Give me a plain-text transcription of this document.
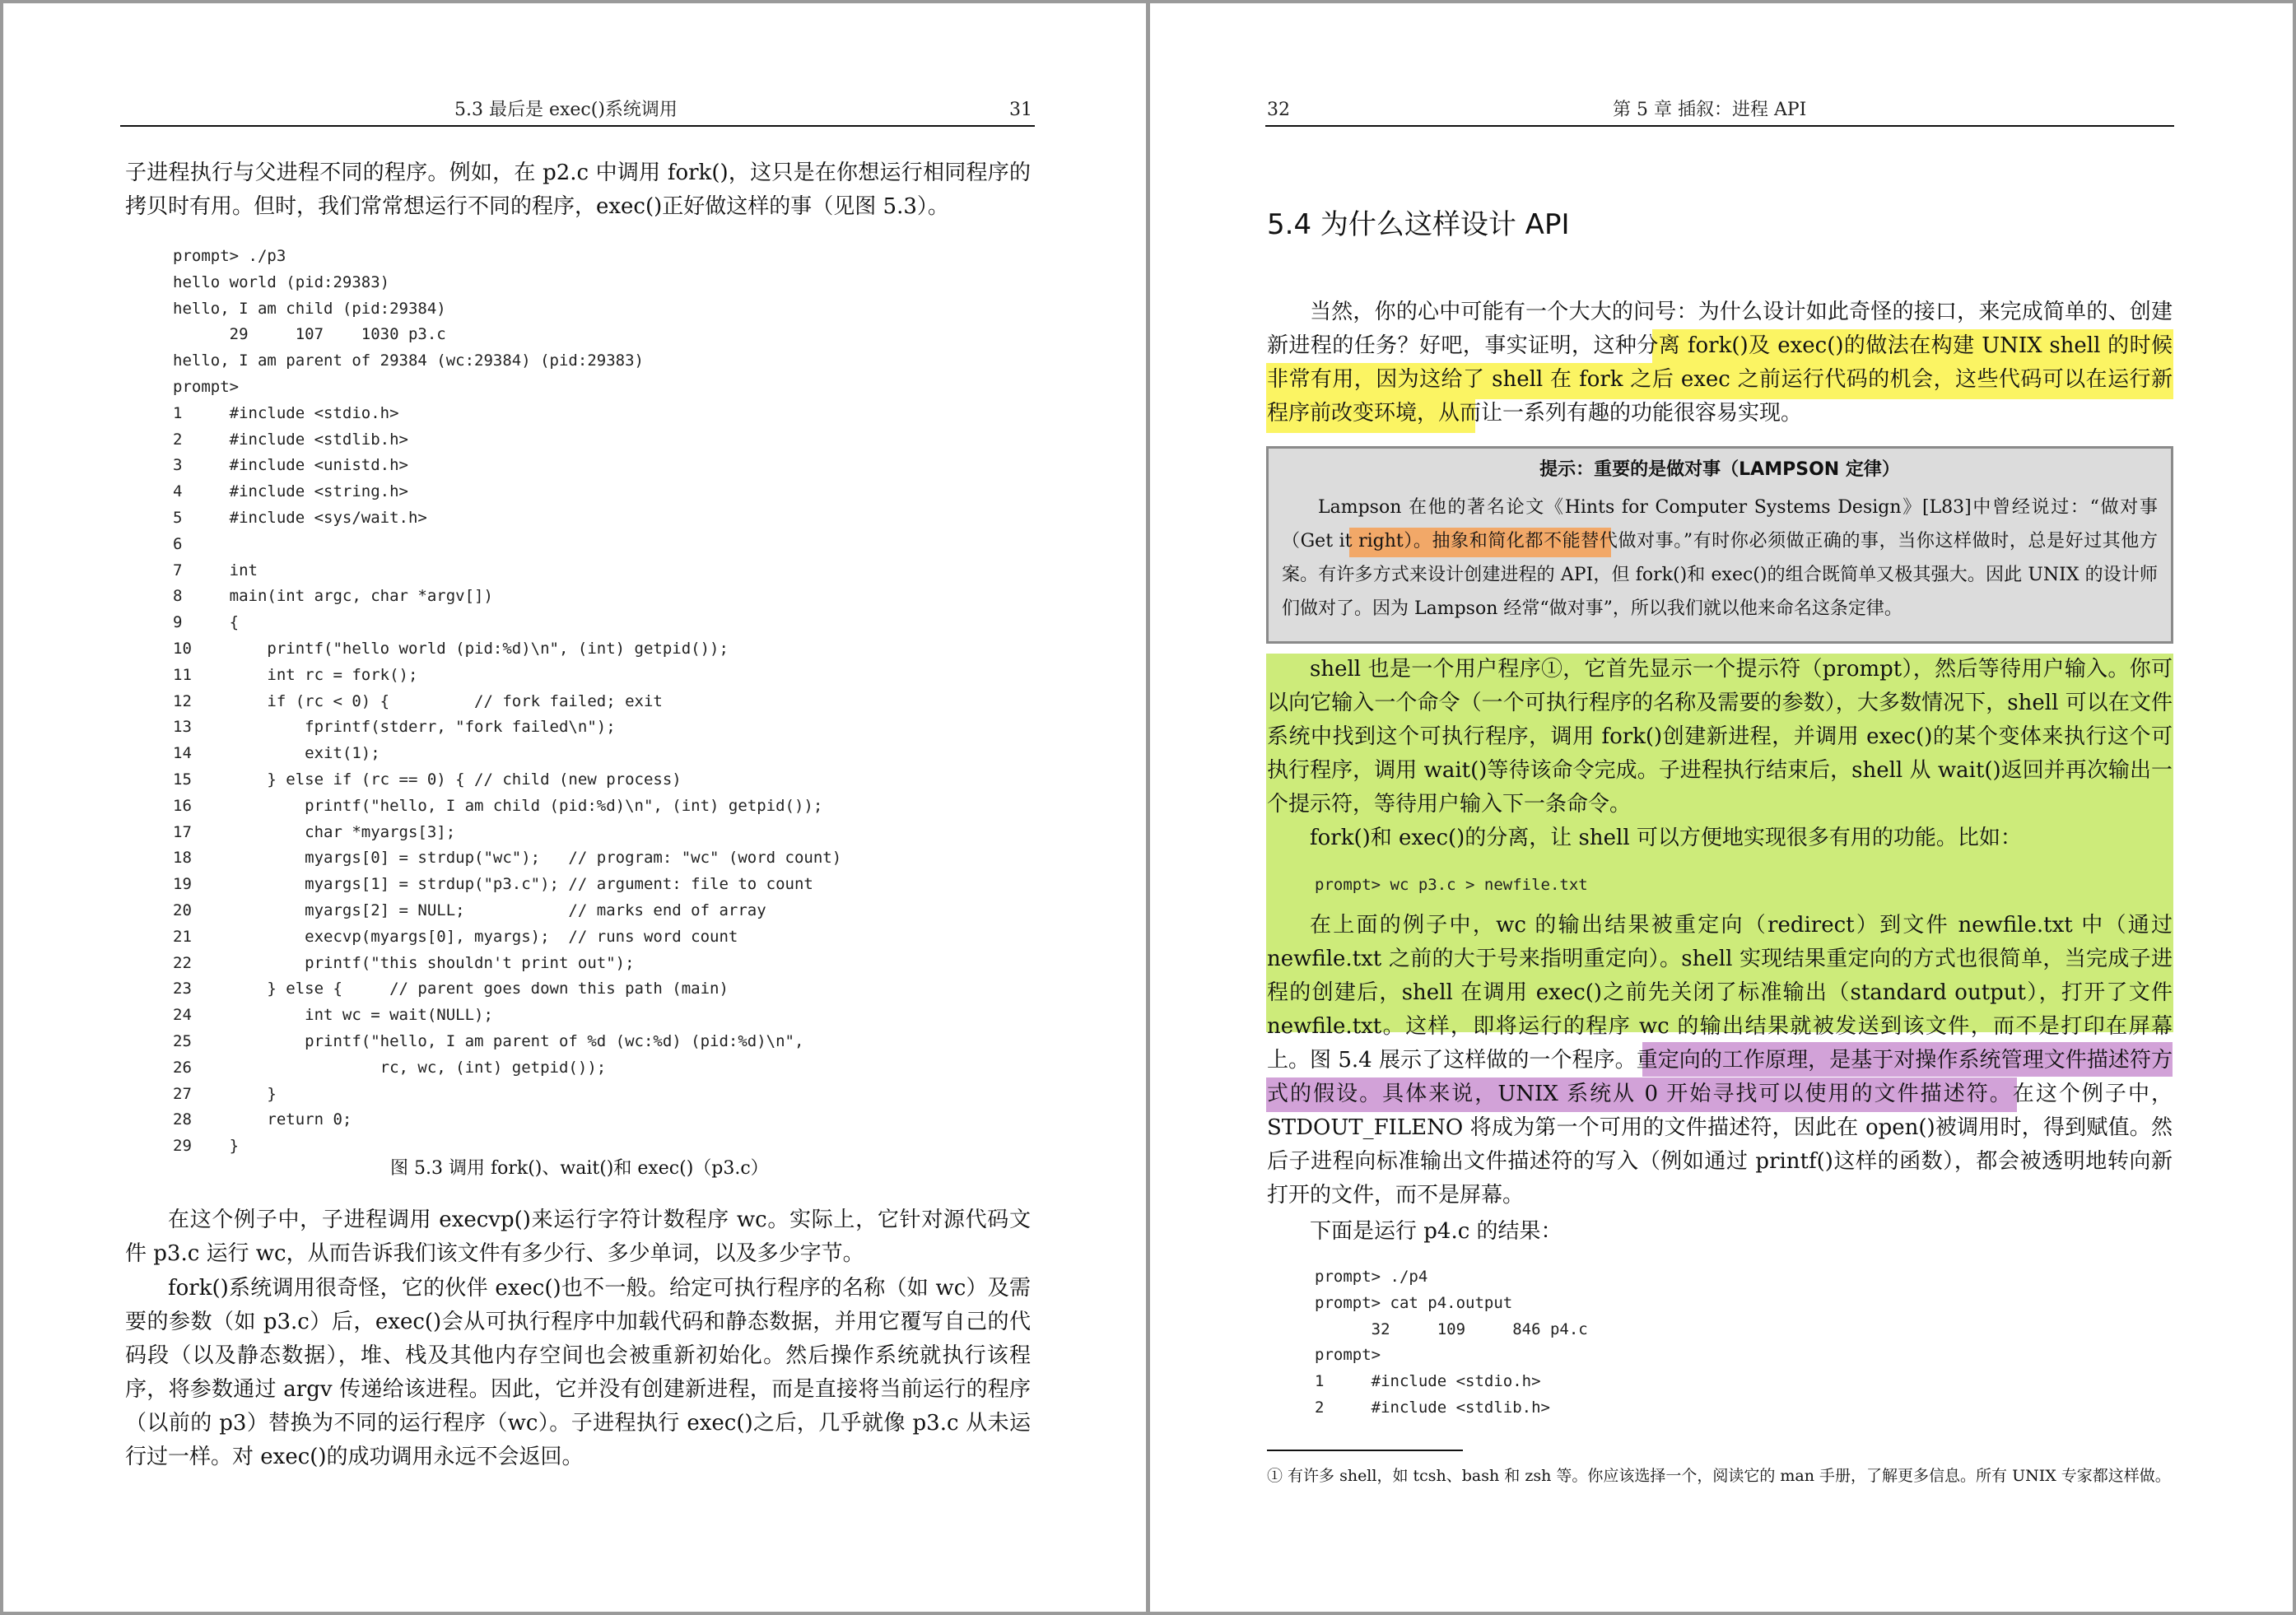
5.3 最后是 exec()系统调用	31

子进程执行与父进程不同的程序。例如，在 p2.c 中调用 fork()，这只是在你想运行相同程序的拷贝时有用。但时，我们常常想运行不同的程序，exec()正好做这样的事（见图 5.3）。

prompt> ./p3
hello world (pid:29383)
hello, I am child (pid:29384)
29     107    1030 p3.c
hello, I am parent of 29384 (wc:29384) (pid:29383)
prompt>
1     #include <stdio.h>
2     #include <stdlib.h>
3     #include <unistd.h>
4     #include <string.h>
5     #include <sys/wait.h>
6
7     int
8     main(int argc, char *argv[])
9     {
10        printf("hello world (pid:%d)\n", (int) getpid());
11        int rc = fork();
12        if (rc < 0) {         // fork failed; exit
13            fprintf(stderr, "fork failed\n");
14            exit(1);
15        } else if (rc == 0) { // child (new process)
16            printf("hello, I am child (pid:%d)\n", (int) getpid());
17            char *myargs[3];
18            myargs[0] = strdup("wc");   // program: "wc" (word count)
19            myargs[1] = strdup("p3.c"); // argument: file to count
20            myargs[2] = NULL;           // marks end of array
21            execvp(myargs[0], myargs);  // runs word count
22            printf("this shouldn't print out");
23        } else {     // parent goes down this path (main)
24            int wc = wait(NULL);
25            printf("hello, I am parent of %d (wc:%d) (pid:%d)\n",
26                    rc, wc, (int) getpid());
27        }
28        return 0;
29    }
图 5.3 调用 fork()、wait()和 exec()（p3.c）

在这个例子中，子进程调用 execvp()来运行字符计数程序 wc。实际上，它针对源代码文件 p3.c 运行 wc，从而告诉我们该文件有多少行、多少单词，以及多少字节。

fork()系统调用很奇怪，它的伙伴 exec()也不一般。给定可执行程序的名称（如 wc）及需要的参数（如 p3.c）后，exec()会从可执行程序中加载代码和静态数据，并用它覆写自己的代码段（以及静态数据），堆、栈及其他内存空间也会被重新初始化。然后操作系统就执行该程序，将参数通过 argv 传递给该进程。因此，它并没有创建新进程，而是直接将当前运行的程序（以前的 p3）替换为不同的运行程序（wc）。子进程执行 exec()之后，几乎就像 p3.c 从未运行过一样。对 exec()的成功调用永远不会返回。

32	第 5 章 插叙：进程 API
5.4 为什么这样设计 API

当然，你的心中可能有一个大大的问号：为什么设计如此奇怪的接口，来完成简单的、创建新进程的任务？好吧，事实证明，这种分离 fork()及 exec()的做法在构建 UNIX shell 的时候非常有用，因为这给了 shell 在 fork 之后 exec 之前运行代码的机会，这些代码可以在运行新程序前改变环境，从而让一系列有趣的功能很容易实现。

提示：重要的是做对事（LAMPSON 定律）

Lampson 在他的著名论文《Hints for Computer Systems Design》[L83]中曾经说过：“做对事（Get it right）。抽象和简化都不能替代做对事。”有时你必须做正确的事，当你这样做时，总是好过其他方案。有许多方式来设计创建进程的 API，但 fork()和 exec()的组合既简单又极其强大。因此 UNIX 的设计师们做对了。因为 Lampson 经常“做对事”，所以我们就以他来命名这条定律。

shell 也是一个用户程序①，它首先显示一个提示符（prompt），然后等待用户输入。你可以向它输入一个命令（一个可执行程序的名称及需要的参数），大多数情况下，shell 可以在文件系统中找到这个可执行程序，调用 fork()创建新进程，并调用 exec()的某个变体来执行这个可执行程序，调用 wait()等待该命令完成。子进程执行结束后，shell 从 wait()返回并再次输出一个提示符，等待用户输入下一条命令。

fork()和 exec()的分离，让 shell 可以方便地实现很多有用的功能。比如：

prompt> wc p3.c > newfile.txt

在上面的例子中，wc 的输出结果被重定向（redirect）到文件 newfile.txt 中（通过 newfile.txt 之前的大于号来指明重定向）。shell 实现结果重定向的方式也很简单，当完成子进程的创建后，shell 在调用 exec()之前先关闭了标准输出（standard output），打开了文件 newfile.txt。这样，即将运行的程序 wc 的输出结果就被发送到该文件，而不是打印在屏幕上。 图 5.4 展示了这样做的一个程序。重定向的工作原理，是基于对操作系统管理文件描述符方式的假设。具体来说，UNIX 系统从 0 开始寻找可以使用的文件描述符。在这个例子中，STDOUT_FILENO 将成为第一个可用的文件描述符，因此在 open()被调用时，得到赋值。然后子进程向标准输出文件描述符的写入（例如通过 printf()这样的函数），都会被透明地转向新打开的文件，而不是屏幕。

下面是运行 p4.c 的结果：

prompt> ./p4
prompt> cat p4.output
32     109     846 p4.c
prompt>
1     #include <stdio.h>
2     #include <stdlib.h>
① 有许多 shell，如 tcsh、bash 和 zsh 等。你应该选择一个，阅读它的 man 手册，了解更多信息。所有 UNIX 专家都这样做。
